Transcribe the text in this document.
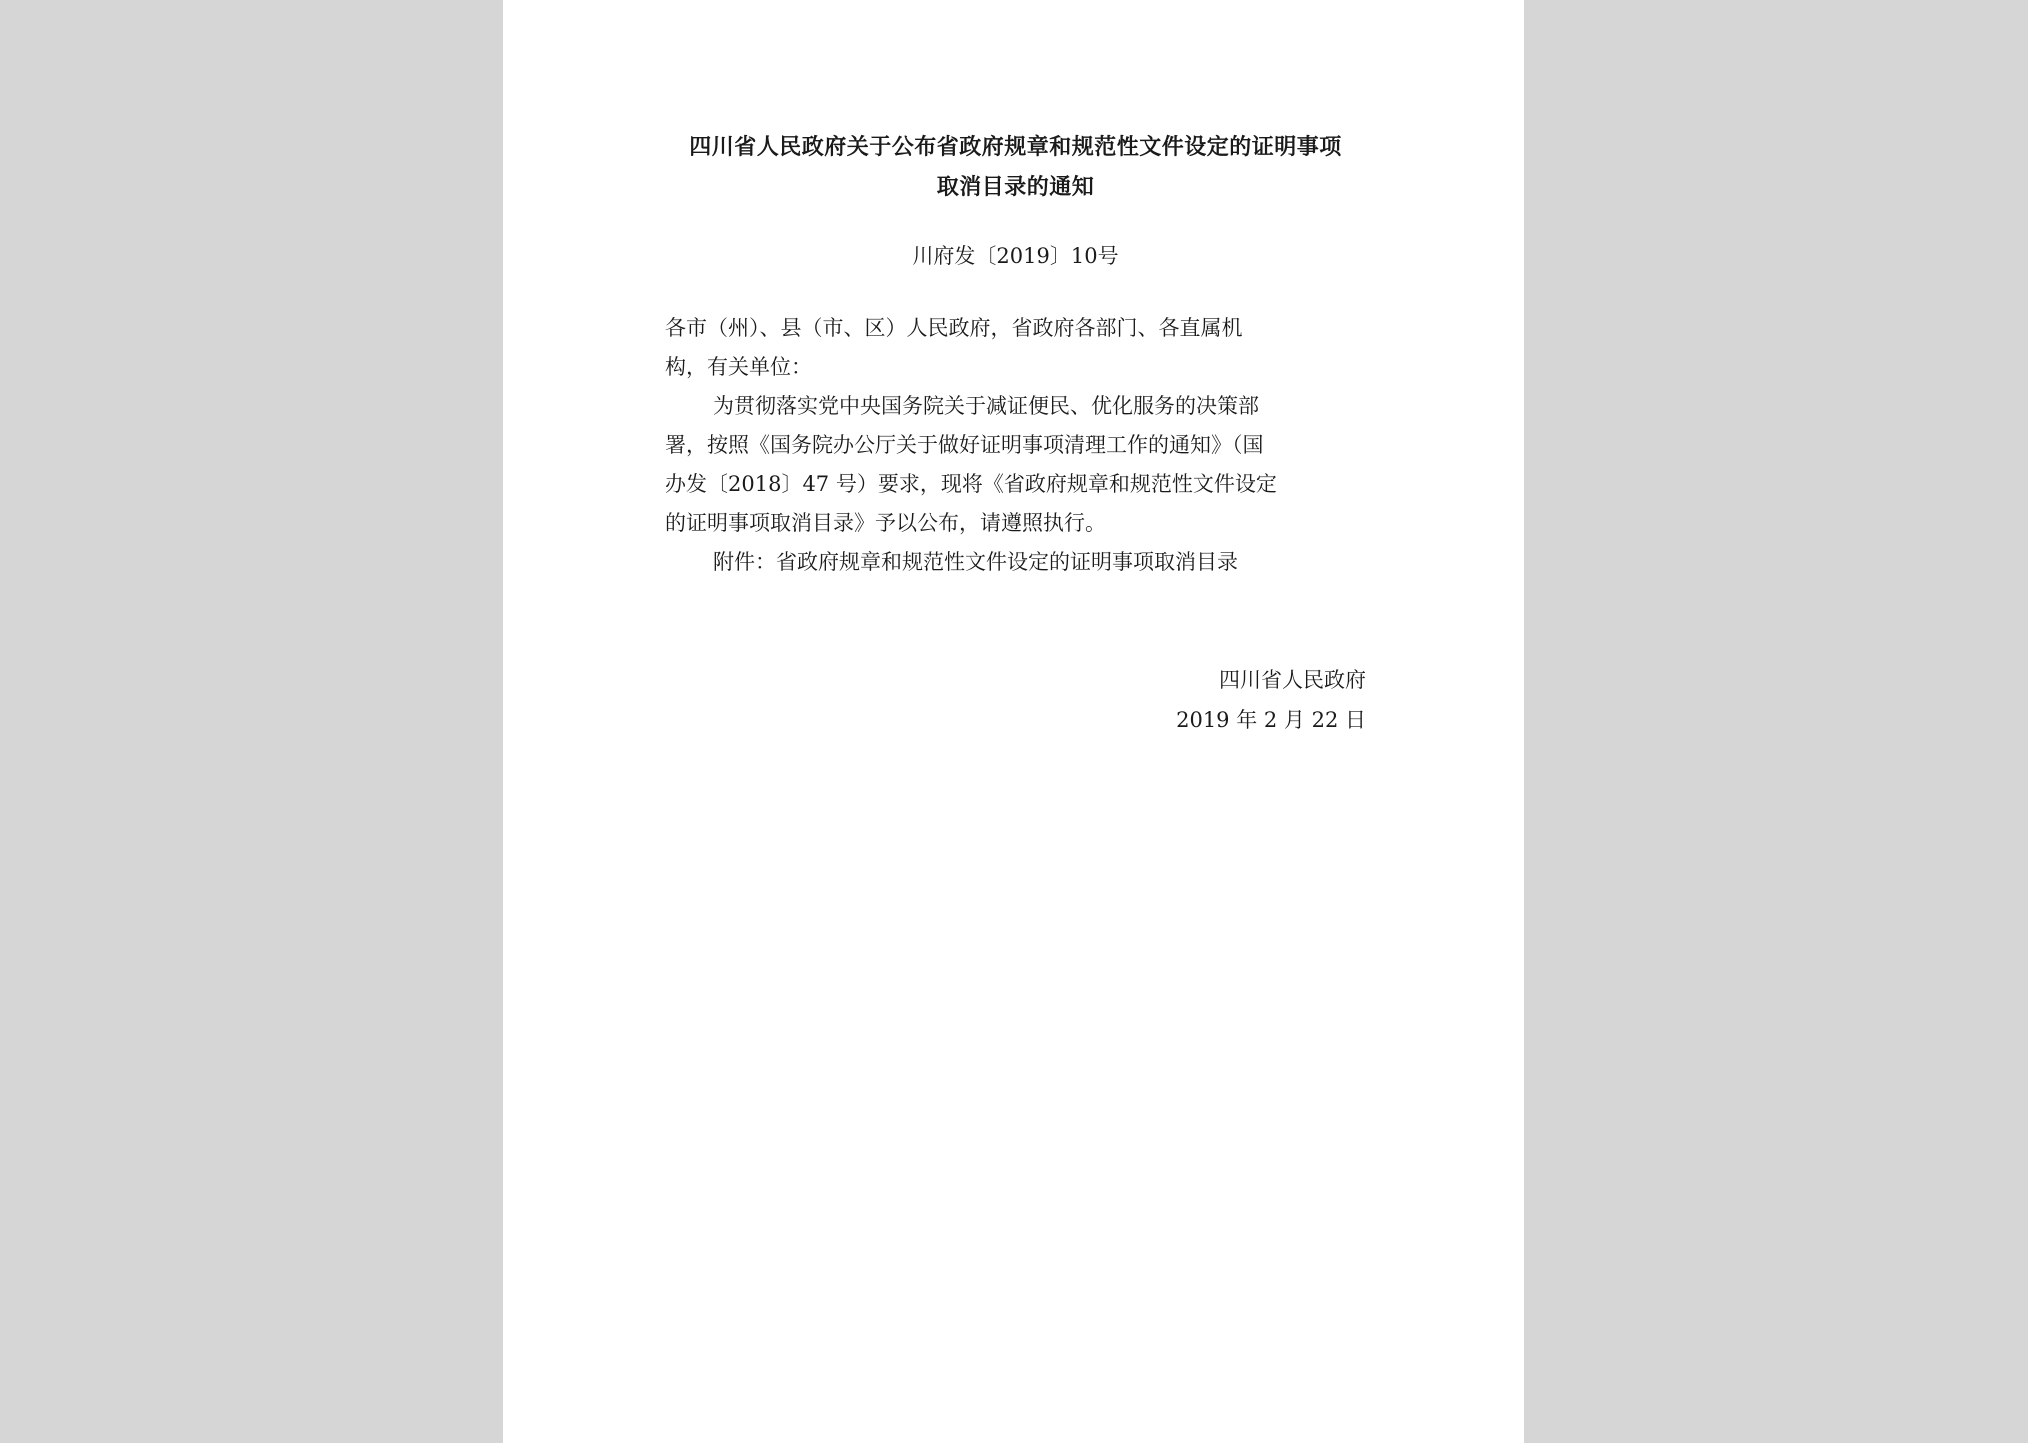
四川省人民政府关于公布省政府规章和规范性文件设定的证明事项
取消目录的通知
川府发〔2019〕10号
各市（州）、县（市、区）人民政府，省政府各部门、各直属机
构，有关单位：
为贯彻落实党中央国务院关于减证便民、优化服务的决策部
署，按照《国务院办公厅关于做好证明事项清理工作的通知》（国
办发〔2018〕47 号）要求，现将《省政府规章和规范性文件设定
的证明事项取消目录》予以公布，请遵照执行。
附件：省政府规章和规范性文件设定的证明事项取消目录
四川省人民政府
2019 年 2 月 22 日
